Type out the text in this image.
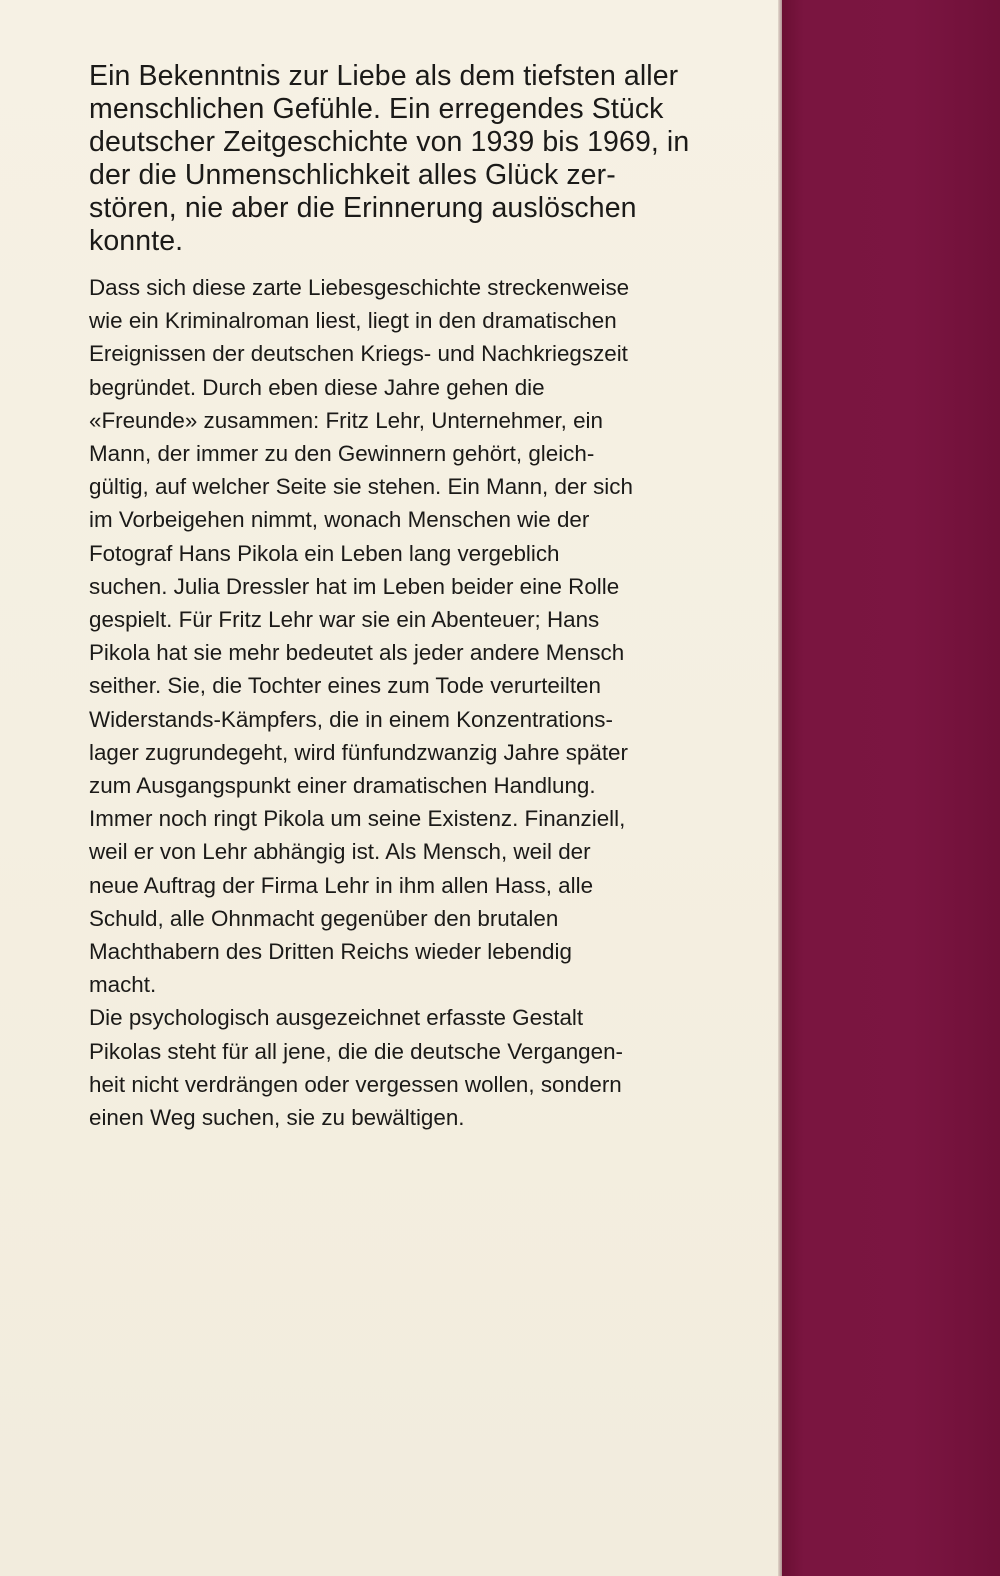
Ein Bekenntnis zur Liebe als dem tiefsten aller
menschlichen Gefühle. Ein erregendes Stück
deutscher Zeitgeschichte von 1939 bis 1969, in
der die Unmenschlichkeit alles Glück zer-
stören, nie aber die Erinnerung auslöschen
konnte.

Dass sich diese zarte Liebesgeschichte streckenweise
wie ein Kriminalroman liest, liegt in den dramatischen
Ereignissen der deutschen Kriegs- und Nachkriegszeit
begründet. Durch eben diese Jahre gehen die
«Freunde» zusammen: Fritz Lehr, Unternehmer, ein
Mann, der immer zu den Gewinnern gehört, gleich-
gültig, auf welcher Seite sie stehen. Ein Mann, der sich
im Vorbeigehen nimmt, wonach Menschen wie der
Fotograf Hans Pikola ein Leben lang vergeblich
suchen. Julia Dressler hat im Leben beider eine Rolle
gespielt. Für Fritz Lehr war sie ein Abenteuer; Hans
Pikola hat sie mehr bedeutet als jeder andere Mensch
seither. Sie, die Tochter eines zum Tode verurteilten
Widerstands-Kämpfers, die in einem Konzentrations-
lager zugrundegeht, wird fünfundzwanzig Jahre später
zum Ausgangspunkt einer dramatischen Handlung.
Immer noch ringt Pikola um seine Existenz. Finanziell,
weil er von Lehr abhängig ist. Als Mensch, weil der
neue Auftrag der Firma Lehr in ihm allen Hass, alle
Schuld, alle Ohnmacht gegenüber den brutalen
Machthabern des Dritten Reichs wieder lebendig
macht.
Die psychologisch ausgezeichnet erfasste Gestalt
Pikolas steht für all jene, die die deutsche Vergangen-
heit nicht verdrängen oder vergessen wollen, sondern
einen Weg suchen, sie zu bewältigen.
